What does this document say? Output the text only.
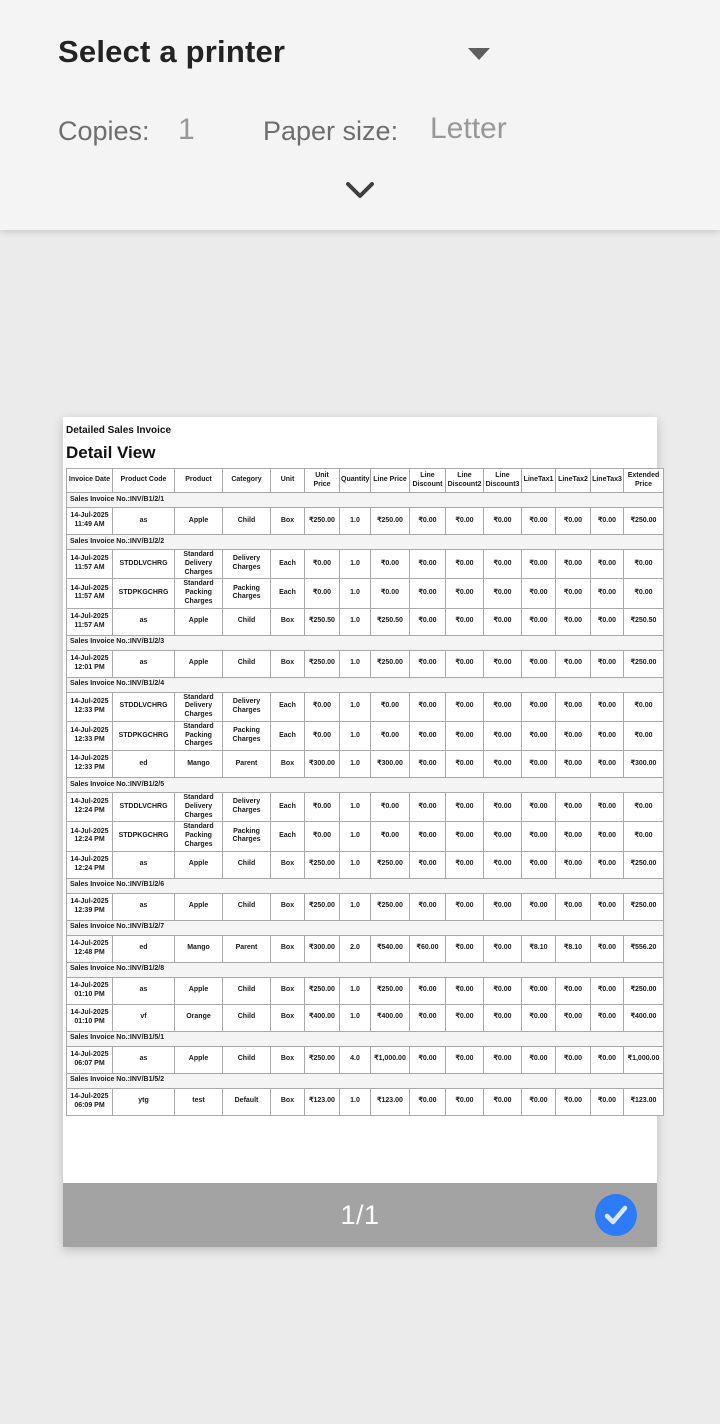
Select a printer
Copies: 1	Paper size: Letter
Detailed Sales Invoice
Detail View
Invoice Date	Product Code	Product	Category	Unit	Unit Price	Quantity	Line Price	Line Discount	Line Discount2	Line Discount3	LineTax1	LineTax2	LineTax3	Extended Price
Sales Invoice No.:INV/B1/2/1														
14-Jul-2025 11:49 AM	as	Apple	Child	Box	₹250.00	1.0	₹250.00	₹0.00	₹0.00	₹0.00	₹0.00	₹0.00	₹0.00	₹250.00
Sales Invoice No.:INV/B1/2/2														
14-Jul-2025 11:57 AM	STDDLVCHRG	Standard Delivery Charges	Delivery Charges	Each	₹0.00	1.0	₹0.00	₹0.00	₹0.00	₹0.00	₹0.00	₹0.00	₹0.00	₹0.00
14-Jul-2025 11:57 AM	STDPKGCHRG	Standard Packing Charges	Packing Charges	Each	₹0.00	1.0	₹0.00	₹0.00	₹0.00	₹0.00	₹0.00	₹0.00	₹0.00	₹0.00
14-Jul-2025 11:57 AM	as	Apple	Child	Box	₹250.50	1.0	₹250.50	₹0.00	₹0.00	₹0.00	₹0.00	₹0.00	₹0.00	₹250.50
Sales Invoice No.:INV/B1/2/3														
14-Jul-2025 12:01 PM	as	Apple	Child	Box	₹250.00	1.0	₹250.00	₹0.00	₹0.00	₹0.00	₹0.00	₹0.00	₹0.00	₹250.00
Sales Invoice No.:INV/B1/2/4														
14-Jul-2025 12:33 PM	STDDLVCHRG	Standard Delivery Charges	Delivery Charges	Each	₹0.00	1.0	₹0.00	₹0.00	₹0.00	₹0.00	₹0.00	₹0.00	₹0.00	₹0.00
14-Jul-2025 12:33 PM	STDPKGCHRG	Standard Packing Charges	Packing Charges	Each	₹0.00	1.0	₹0.00	₹0.00	₹0.00	₹0.00	₹0.00	₹0.00	₹0.00	₹0.00
14-Jul-2025 12:33 PM	ed	Mango	Parent	Box	₹300.00	1.0	₹300.00	₹0.00	₹0.00	₹0.00	₹0.00	₹0.00	₹0.00	₹300.00
Sales Invoice No.:INV/B1/2/5														
14-Jul-2025 12:24 PM	STDDLVCHRG	Standard Delivery Charges	Delivery Charges	Each	₹0.00	1.0	₹0.00	₹0.00	₹0.00	₹0.00	₹0.00	₹0.00	₹0.00	₹0.00
14-Jul-2025 12:24 PM	STDPKGCHRG	Standard Packing Charges	Packing Charges	Each	₹0.00	1.0	₹0.00	₹0.00	₹0.00	₹0.00	₹0.00	₹0.00	₹0.00	₹0.00
14-Jul-2025 12:24 PM	as	Apple	Child	Box	₹250.00	1.0	₹250.00	₹0.00	₹0.00	₹0.00	₹0.00	₹0.00	₹0.00	₹250.00
Sales Invoice No.:INV/B1/2/6														
14-Jul-2025 12:39 PM	as	Apple	Child	Box	₹250.00	1.0	₹250.00	₹0.00	₹0.00	₹0.00	₹0.00	₹0.00	₹0.00	₹250.00
Sales Invoice No.:INV/B1/2/7														
14-Jul-2025 12:48 PM	ed	Mango	Parent	Box	₹300.00	2.0	₹540.00	₹60.00	₹0.00	₹0.00	₹8.10	₹8.10	₹0.00	₹556.20
Sales Invoice No.:INV/B1/2/8														
14-Jul-2025 01:10 PM	as	Apple	Child	Box	₹250.00	1.0	₹250.00	₹0.00	₹0.00	₹0.00	₹0.00	₹0.00	₹0.00	₹250.00
14-Jul-2025 01:10 PM	vf	Orange	Child	Box	₹400.00	1.0	₹400.00	₹0.00	₹0.00	₹0.00	₹0.00	₹0.00	₹0.00	₹400.00
Sales Invoice No.:INV/B1/5/1														
14-Jul-2025 06:07 PM	as	Apple	Child	Box	₹250.00	4.0	₹1,000.00	₹0.00	₹0.00	₹0.00	₹0.00	₹0.00	₹0.00	₹1,000.00
Sales Invoice No.:INV/B1/5/2														
14-Jul-2025 06:09 PM	ytg	test	Default	Box	₹123.00	1.0	₹123.00	₹0.00	₹0.00	₹0.00	₹0.00	₹0.00	₹0.00	₹123.00
1/1
